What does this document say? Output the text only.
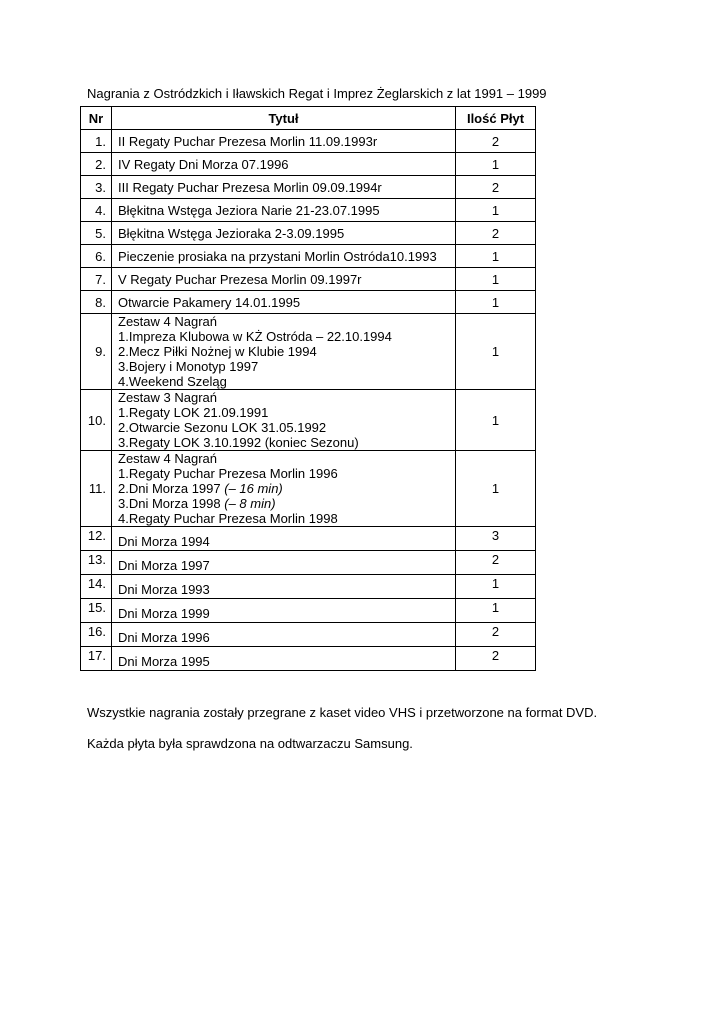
Nagrania z Ostródzkich i Iławskich Regat i Imprez Żeglarskich z lat 1991 – 1999
Nr	Tytuł	Ilość Płyt
1.	II Regaty Puchar Prezesa Morlin 11.09.1993r	2
2.	IV Regaty Dni Morza 07.1996	1
3.	III Regaty Puchar Prezesa Morlin 09.09.1994r	2
4.	Błękitna Wstęga Jeziora Narie 21-23.07.1995	1
5.	Błękitna Wstęga Jezioraka 2-3.09.1995	2
6.	Pieczenie prosiaka na przystani Morlin Ostróda10.1993	1
7.	V Regaty Puchar Prezesa Morlin 09.1997r	1
8.	Otwarcie Pakamery 14.01.1995	1
9.	Zestaw 4 Nagrań
1.Impreza Klubowa w KŻ Ostróda – 22.10.1994
2.Mecz Piłki Nożnej w Klubie 1994
3.Bojery i Monotyp 1997
4.Weekend Szeląg	1
10.	Zestaw 3 Nagrań
1.Regaty LOK 21.09.1991
2.Otwarcie Sezonu LOK 31.05.1992
3.Regaty LOK 3.10.1992 (koniec Sezonu)	1
11.	Zestaw 4 Nagrań
1.Regaty Puchar Prezesa Morlin 1996
2.Dni Morza 1997 (– 16 min)
3.Dni Morza 1998 (– 8 min)
4.Regaty Puchar Prezesa Morlin 1998	1
12.	Dni Morza 1994	3
13.	Dni Morza 1997	2
14.	Dni Morza 1993	1
15.	Dni Morza 1999	1
16.	Dni Morza 1996	2
17.	Dni Morza 1995	2
Wszystkie nagrania zostały przegrane z kaset video VHS i przetworzone na format DVD.
Każda płyta była sprawdzona na odtwarzaczu Samsung.
